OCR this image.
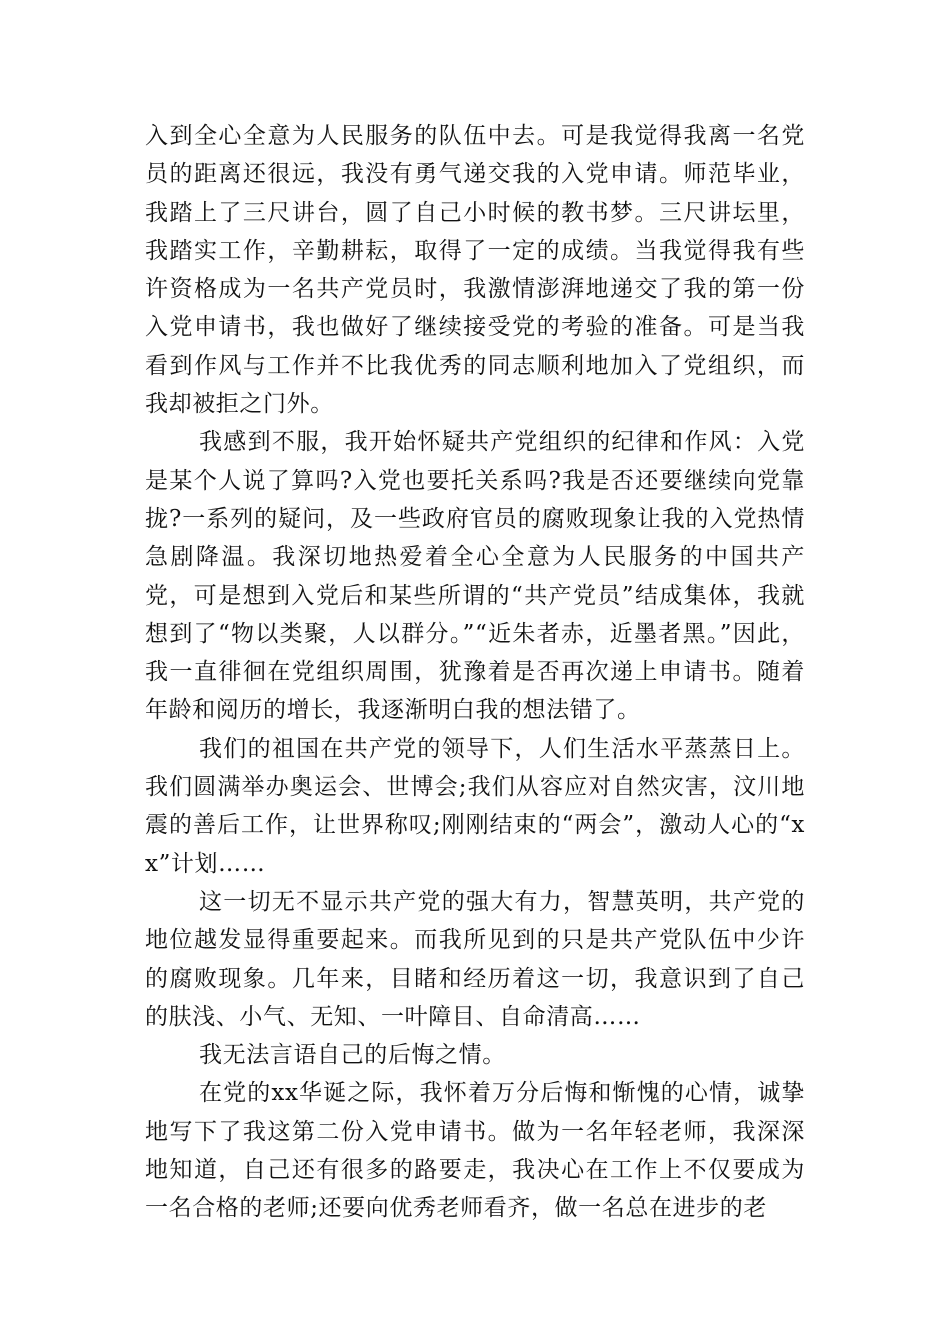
入到全心全意为人民服务的队伍中去。可是我觉得我离一名党员的距离还很远，我没有勇气递交我的入党申请。师范毕业，我踏上了三尺讲台，圆了自己小时候的教书梦。三尺讲坛里，我踏实工作，辛勤耕耘，取得了一定的成绩。当我觉得我有些许资格成为一名共产党员时，我激情澎湃地递交了我的第一份入党申请书，我也做好了继续接受党的考验的准备。可是当我看到作风与工作并不比我优秀的同志顺利地加入了党组织，而我却被拒之门外。

我感到不服，我开始怀疑共产党组织的纪律和作风：入党是某个人说了算吗?入党也要托关系吗?我是否还要继续向党靠拢?一系列的疑问，及一些政府官员的腐败现象让我的入党热情急剧降温。我深切地热爱着全心全意为人民服务的中国共产党，可是想到入党后和某些所谓的“共产党员”结成集体，我就想到了“物以类聚，人以群分。”“近朱者赤，近墨者黑。”因此，我一直徘徊在党组织周围，犹豫着是否再次递上申请书。随着年龄和阅历的增长，我逐渐明白我的想法错了。

我们的祖国在共产党的领导下，人们生活水平蒸蒸日上。我们圆满举办奥运会、世博会;我们从容应对自然灾害，汶川地震的善后工作，让世界称叹;刚刚结束的“两会”，激动人心的“xx”计划……

这一切无不显示共产党的强大有力，智慧英明，共产党的地位越发显得重要起来。而我所见到的只是共产党队伍中少许的腐败现象。几年来，目睹和经历着这一切，我意识到了自己的肤浅、小气、无知、一叶障目、自命清高……

我无法言语自己的后悔之情。

在党的xx华诞之际，我怀着万分后悔和惭愧的心情，诚挚地写下了我这第二份入党申请书。做为一名年轻老师，我深深地知道，自己还有很多的路要走，我决心在工作上不仅要成为一名合格的老师;还要向优秀老师看齐，做一名总在进步的老
